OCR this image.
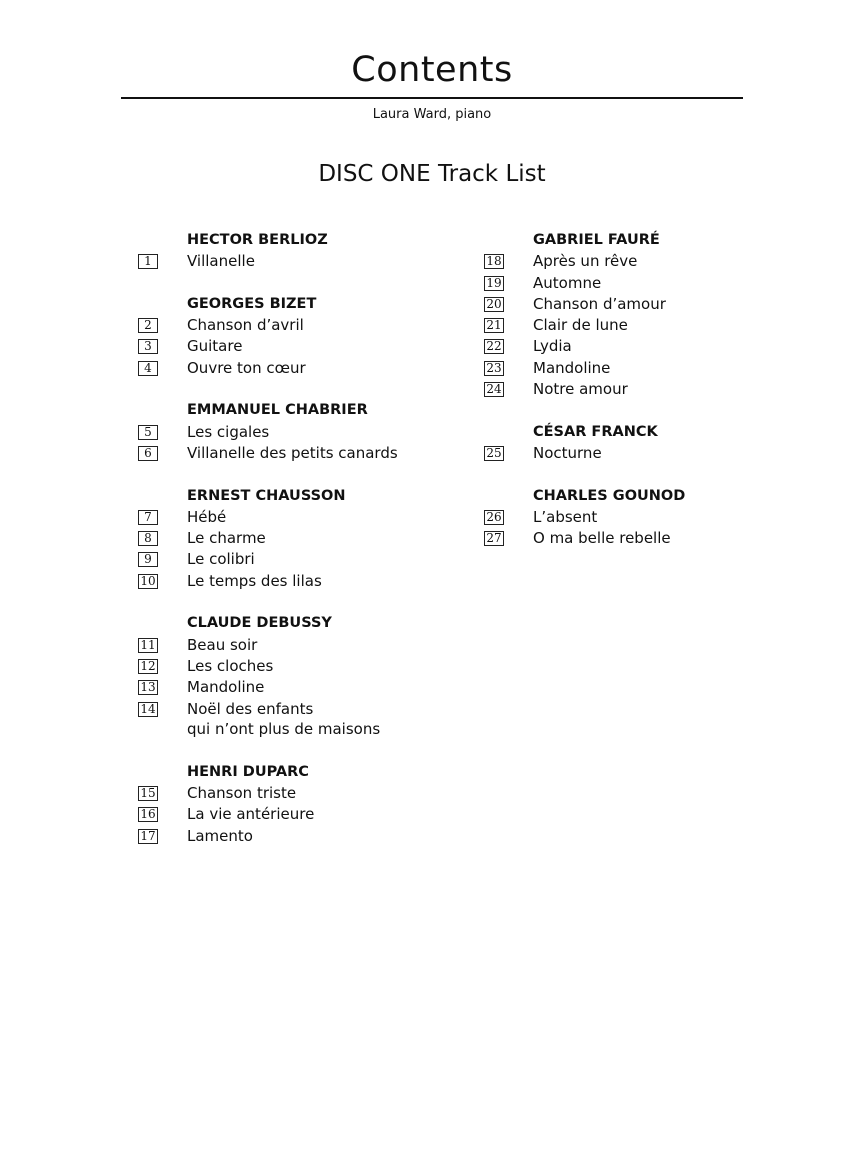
Contents
Laura Ward, piano
DISC ONE Track List
HECTOR BERLIOZ
1	Villanelle
GEORGES BIZET
2	Chanson d’avril
3	Guitare
4	Ouvre ton cœur
EMMANUEL CHABRIER
5	Les cigales
6	Villanelle des petits canards
ERNEST CHAUSSON
7	Hébé
8	Le charme
9	Le colibri
10 Le temps des lilas
CLAUDE DEBUSSY
11 Beau soir
12 Les cloches
13 Mandoline
14 Noël des enfants
qui n’ont plus de maisons
HENRI DUPARC
15 Chanson triste
16 La vie antérieure
17 Lamento
GABRIEL FAURÉ
18 Après un rêve
19 Automne
20 Chanson d’amour
21 Clair de lune
22 Lydia
23 Mandoline
24 Notre amour
CÉSAR FRANCK
25 Nocturne
CHARLES GOUNOD
26 L’absent
27 O ma belle rebelle
